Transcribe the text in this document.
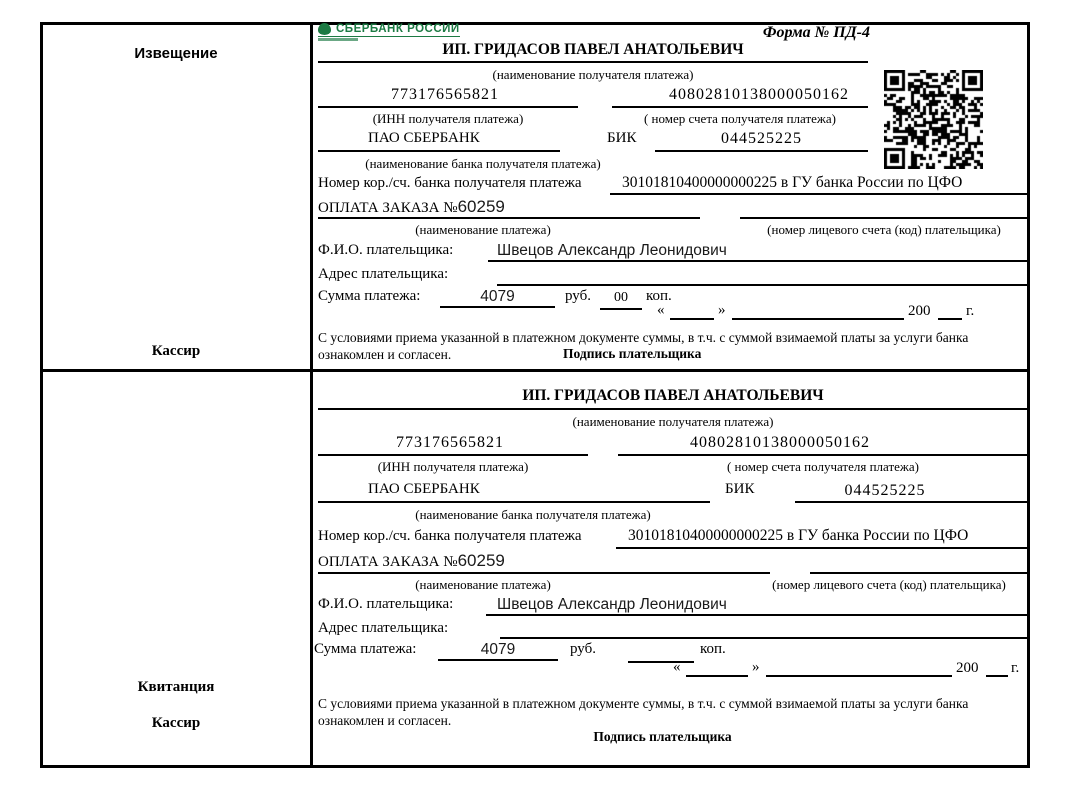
Извещение
Кассир
Квитанция
Кассир
СБЕРБАНК РОССИИ	Форма № ПД-4
ИП. ГРИДАСОВ ПАВЕЛ АНАТОЛЬЕВИЧ
(наименование получателя платежа)
773176565821	40802810138000050162
(ИНН получателя платежа)	( номер счета получателя платежа)
ПАО СБЕРБАНК	БИК	044525225
(наименование банка получателя платежа)
Номер кор./сч. банка получателя платежа	30101810400000000225 в ГУ банка России по ЦФО
ОПЛАТА ЗАКАЗА №60259
(наименование платежа)	(номер лицевого счета (код) плательщика)
Ф.И.О. плательщика:	Швецов Александр Леонидович
Адрес плательщика:
Сумма платежа:	4079	руб.	00	коп.
«	»	200 г.
С условиями приема указанной в платежном документе суммы, в т.ч. с суммой взимаемой платы за услуги банка
ознакомлен и согласен.	Подпись плательщика
ИП. ГРИДАСОВ ПАВЕЛ АНАТОЛЬЕВИЧ
(наименование получателя платежа)
773176565821	40802810138000050162
(ИНН получателя платежа)	( номер счета получателя платежа)
ПАО СБЕРБАНК	БИК	044525225
(наименование банка получателя платежа)
Номер кор./сч. банка получателя платежа	30101810400000000225 в ГУ банка России по ЦФО
ОПЛАТА ЗАКАЗА №60259
(наименование платежа)	(номер лицевого счета (код) плательщика)
Ф.И.О. плательщика:	Швецов Александр Леонидович
Адрес плательщика:
Сумма платежа:	4079	руб.	коп.
«	»	200 г.
С условиями приема указанной в платежном документе суммы, в т.ч. с суммой взимаемой платы за услуги банка
ознакомлен и согласен.
Подпись плательщика
